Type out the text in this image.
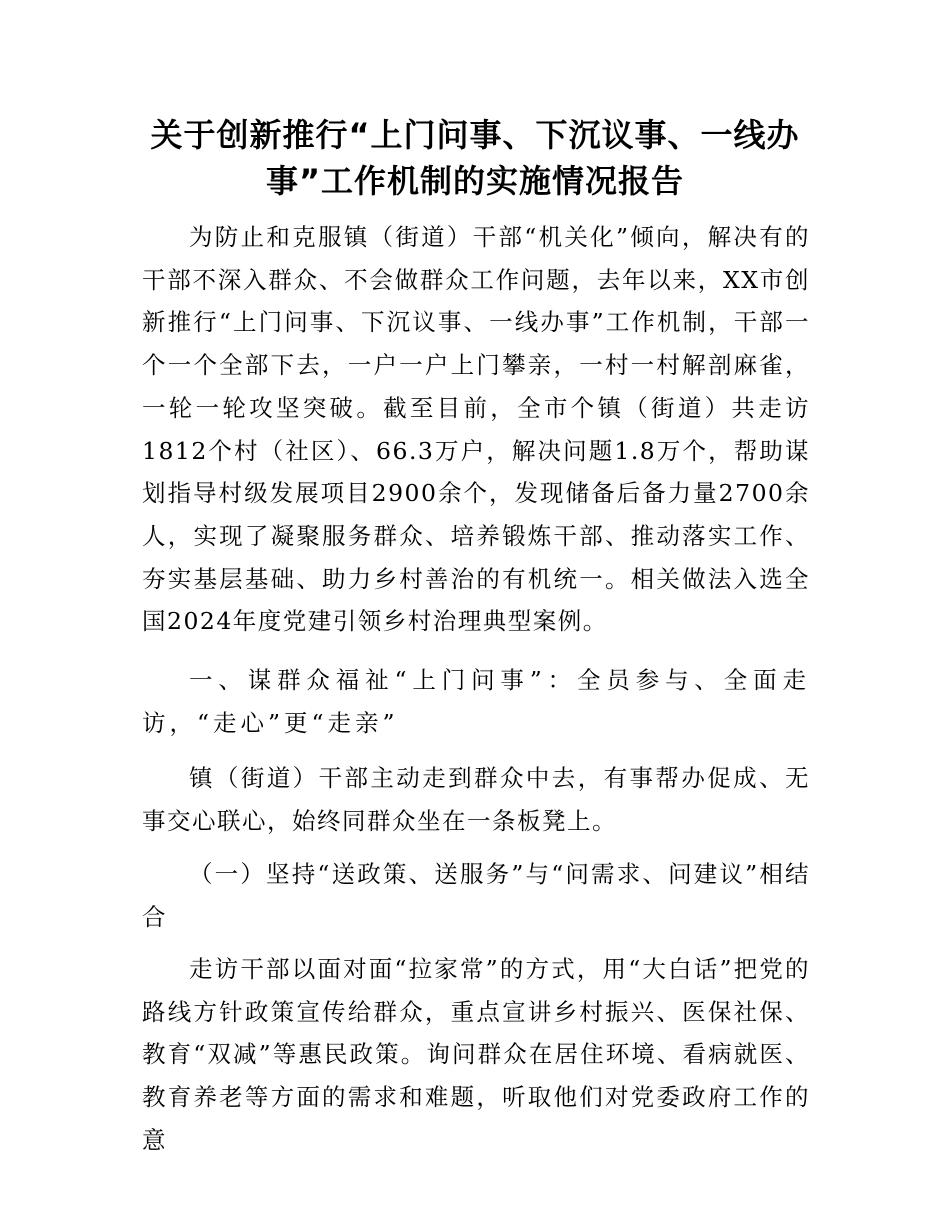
关于创新推行“上门问事、下沉议事、一线办事”工作机制的实施情况报告

为防止和克服镇（街道）干部“机关化”倾向，解决有的干部不深入群众、不会做群众工作问题，去年以来，XX市创新推行“上门问事、下沉议事、一线办事”工作机制，干部一个一个全部下去，一户一户上门攀亲，一村一村解剖麻雀，一轮一轮攻坚突破。截至目前，全市个镇（街道）共走访1812个村（社区）、66.3万户，解决问题1.8万个，帮助谋划指导村级发展项目2900余个，发现储备后备力量2700余人，实现了凝聚服务群众、培养锻炼干部、推动落实工作、夯实基层基础、助力乡村善治的有机统一。相关做法入选全国2024年度党建引领乡村治理典型案例。

一、谋群众福祉“上门问事”：全员参与、全面走访，“走心”更“走亲”

镇（街道）干部主动走到群众中去，有事帮办促成、无事交心联心，始终同群众坐在一条板凳上。

（一）坚持“送政策、送服务”与“问需求、问建议”相结合

走访干部以面对面“拉家常”的方式，用“大白话”把党的路线方针政策宣传给群众，重点宣讲乡村振兴、医保社保、教育“双减”等惠民政策。询问群众在居住环境、看病就医、教育养老等方面的需求和难题，听取他们对党委政府工作的意
